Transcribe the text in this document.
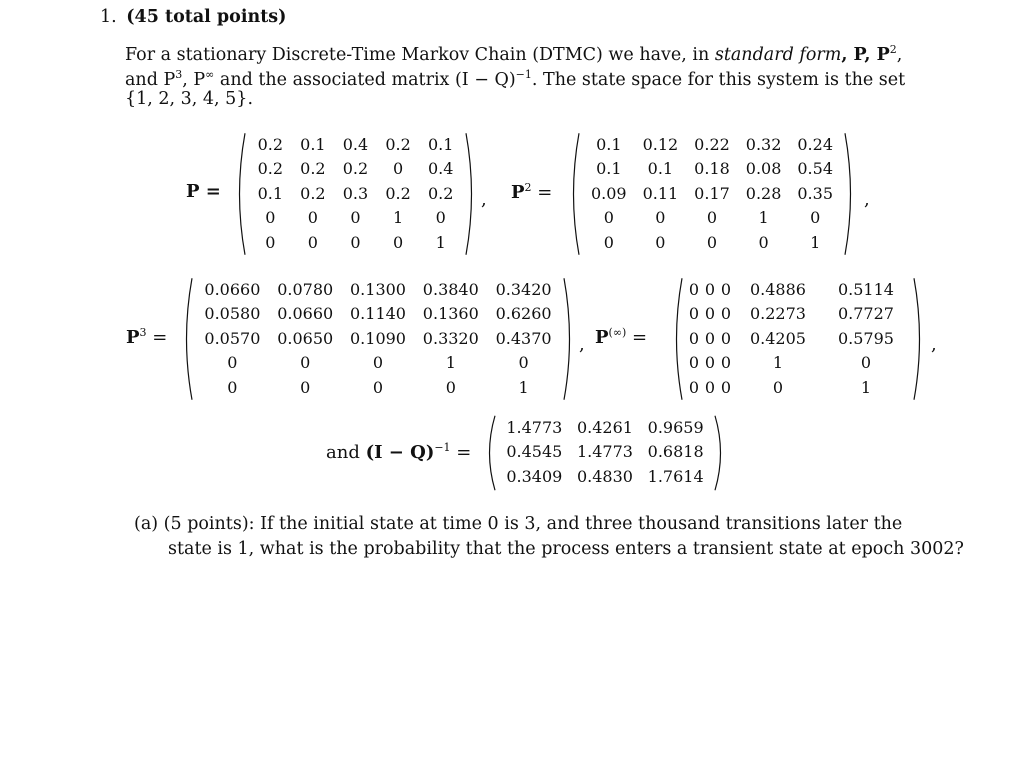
1. (45 total points)
For a stationary Discrete-Time Markov Chain (DTMC) we have, in standard form, P, $P^2$,
and $P^3$, P∞ and the associated matrix $(I - Q)^{-1}$. The state space for this system is the set
{1, 2, 3, 4, 5}.
P =
0.2	0.1	0.4	0.2	0.1
0.2	0.2	0.2	0	0.4
0.1	0.2	0.3	0.2	0.2
0	0	0	1	0
0	0	0	0	1
, $P^2$ =
0.1	0.12	0.22	0.32	0.24
0.1	0.1	0.18	0.08	0.54
0.09	0.11	0.17	0.28	0.35
0	0	0	1	0
0	0	0	0	1
,
$P^3$ =
0.0660	0.0780	0.1300	0.3840	0.3420
0.0580	0.0660	0.1140	0.1360	0.6260
0.0570	0.0650	0.1090	0.3320	0.4370
0	0	0	1	0
0	0	0	0	1
, P(∞) =
0	0	0	0.4886	0.5114
0	0	0	0.2273	0.7727
0	0	0	0.4205	0.5795
0	0	0	1	0
0	0	0	0	1
,
and $(I - Q)^{-1}$ =
1.4773	0.4261	0.9659
0.4545	1.4773	0.6818
0.3409	0.4830	1.7614
(a) (5 points): If the initial state at time 0 is 3, and three thousand transitions later the
state is 1, what is the probability that the process enters a transient state at epoch 3002?
